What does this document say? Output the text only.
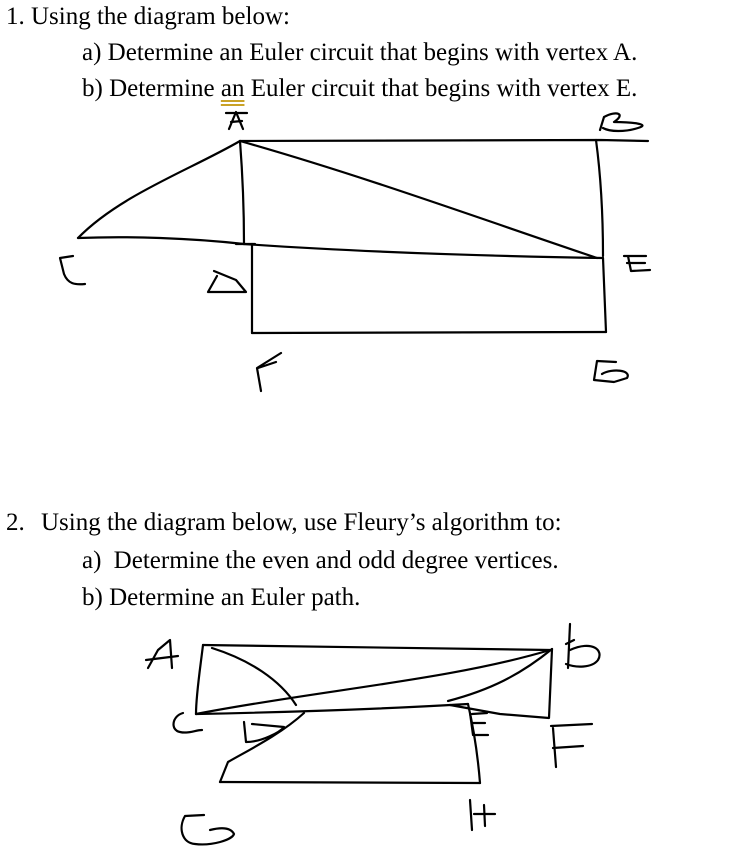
1. Using the diagram below:
a) Determine an Euler circuit that begins with vertex A.
b) Determine an Euler circuit that begins with vertex E.
2. Using the diagram below, use Fleury’s algorithm to:
a) Determine the even and odd degree vertices.
b) Determine an Euler path.
